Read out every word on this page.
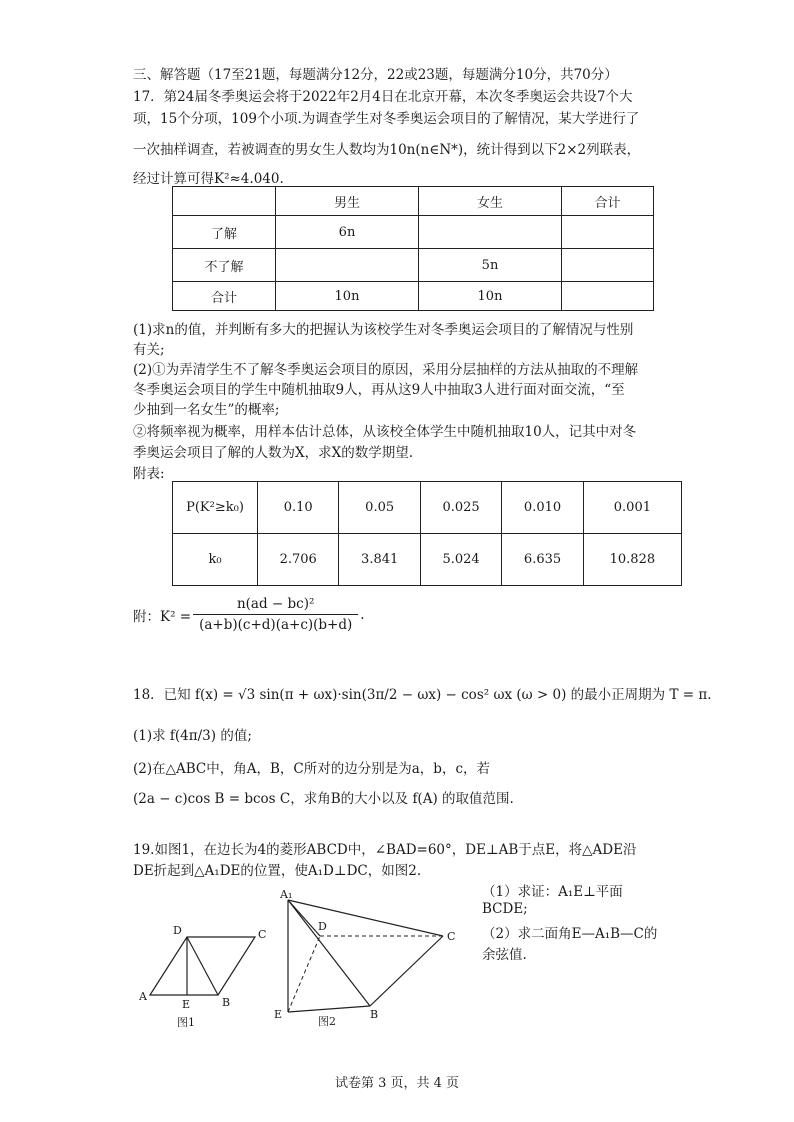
三、解答题（17至21题，每题满分12分，22或23题，每题满分10分，共70分）
17．第24届冬季奥运会将于2022年2月4日在北京开幕，本次冬季奥运会共设7个大
项，15个分项，109个小项.为调查学生对冬季奥运会项目的了解情况，某大学进行了
一次抽样调查，若被调查的男女生人数均为10n(n∈N*)，统计得到以下2×2列联表，
经过计算可得K²≈4.040.
	男生	女生	合计
了解	6n		
不了解		5n	
合计	10n	10n	
(1)求n的值，并判断有多大的把握认为该校学生对冬季奥运会项目的了解情况与性别
有关;
(2)①为弄清学生不了解冬季奥运会项目的原因，采用分层抽样的方法从抽取的不理解
冬季奥运会项目的学生中随机抽取9人，再从这9人中抽取3人进行面对面交流，“至
少抽到一名女生”的概率;
②将频率视为概率，用样本估计总体，从该校全体学生中随机抽取10人，记其中对冬
季奥运会项目了解的人数为X，求X的数学期望.
附表:
P(K²≥k₀)	0.10	0.05	0.025	0.010	0.001
k₀	2.706	3.841	5.024	6.635	10.828
附：$K^2 = \frac{\text{n(ad − bc)²}}{(a+b)(c+d)(a+c)(b+d)}$ .
18．已知 f(x) = √3 sin(π + ωx)·sin(3π/2 − ωx) − cos² ωx (ω > 0) 的最小正周期为 T = π.
(1)求 f(4π/3) 的值;
(2)在△ABC中，角A，B，C所对的边分别是为a，b，c，若
(2a − c)cos B = bcos C，求角B的大小以及 f(A) 的取值范围.
19.如图1，在边长为4的菱形ABCD中，∠BAD=60°，DE⊥AB于点E，将△ADE沿
DE折起到△A₁DE的位置，使A₁D⊥DC，如图2.
（1）求证：A₁E⊥平面
BCDE;
（2）求二面角E—A₁B—C的
余弦值.
D	C
A
E	B
图1
A₁
D
C
E	B
图2
试卷第 3 页，共 4 页
